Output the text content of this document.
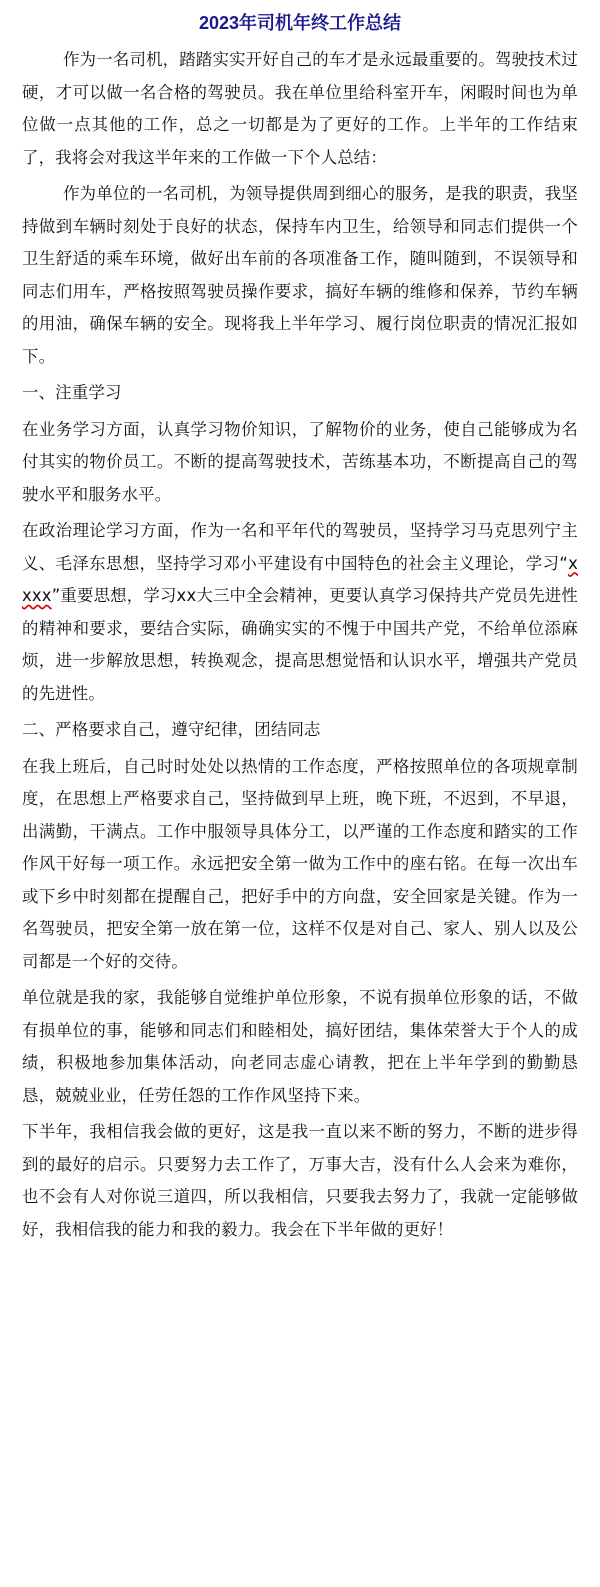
2023年司机年终工作总结

作为一名司机，踏踏实实开好自己的车才是永远最重要的。驾驶技术过硬，才可以做一名合格的驾驶员。我在单位里给科室开车，闲暇时间也为单位做一点其他的工作，总之一切都是为了更好的工作。上半年的工作结束了，我将会对我这半年来的工作做一下个人总结：

作为单位的一名司机，为领导提供周到细心的服务，是我的职责，我坚持做到车辆时刻处于良好的状态，保持车内卫生，给领导和同志们提供一个卫生舒适的乘车环境，做好出车前的各项准备工作，随叫随到，不误领导和同志们用车，严格按照驾驶员操作要求，搞好车辆的维修和保养，节约车辆的用油，确保车辆的安全。现将我上半年学习、履行岗位职责的情况汇报如下。

一、注重学习

在业务学习方面，认真学习物价知识，了解物价的业务，使自己能够成为名付其实的物价员工。不断的提高驾驶技术，苦练基本功，不断提高自己的驾驶水平和服务水平。

在政治理论学习方面，作为一名和平年代的驾驶员，坚持学习马克思列宁主义、毛泽东思想，坚持学习邓小平建设有中国特色的社会主义理论，学习“xxxx”重要思想，学习xx大三中全会精神，更要认真学习保持共产党员先进性的精神和要求，要结合实际，确确实实的不愧于中国共产党，不给单位添麻烦，进一步解放思想，转换观念，提高思想觉悟和认识水平，增强共产党员的先进性。

二、严格要求自己，遵守纪律，团结同志

在我上班后，自己时时处处以热情的工作态度，严格按照单位的各项规章制度，在思想上严格要求自己，坚持做到早上班，晚下班，不迟到，不早退，出满勤，干满点。工作中服领导具体分工，以严谨的工作态度和踏实的工作作风干好每一项工作。永远把安全第一做为工作中的座右铭。在每一次出车或下乡中时刻都在提醒自己，把好手中的方向盘，安全回家是关键。作为一名驾驶员，把安全第一放在第一位，这样不仅是对自己、家人、别人以及公司都是一个好的交待。

单位就是我的家，我能够自觉维护单位形象，不说有损单位形象的话，不做有损单位的事，能够和同志们和睦相处，搞好团结，集体荣誉大于个人的成绩，积极地参加集体活动，向老同志虚心请教，把在上半年学到的勤勤恳恳，兢兢业业，任劳任怨的工作作风坚持下来。

下半年，我相信我会做的更好，这是我一直以来不断的努力，不断的进步得到的最好的启示。只要努力去工作了，万事大吉，没有什么人会来为难你，也不会有人对你说三道四，所以我相信，只要我去努力了，我就一定能够做好，我相信我的能力和我的毅力。我会在下半年做的更好！
